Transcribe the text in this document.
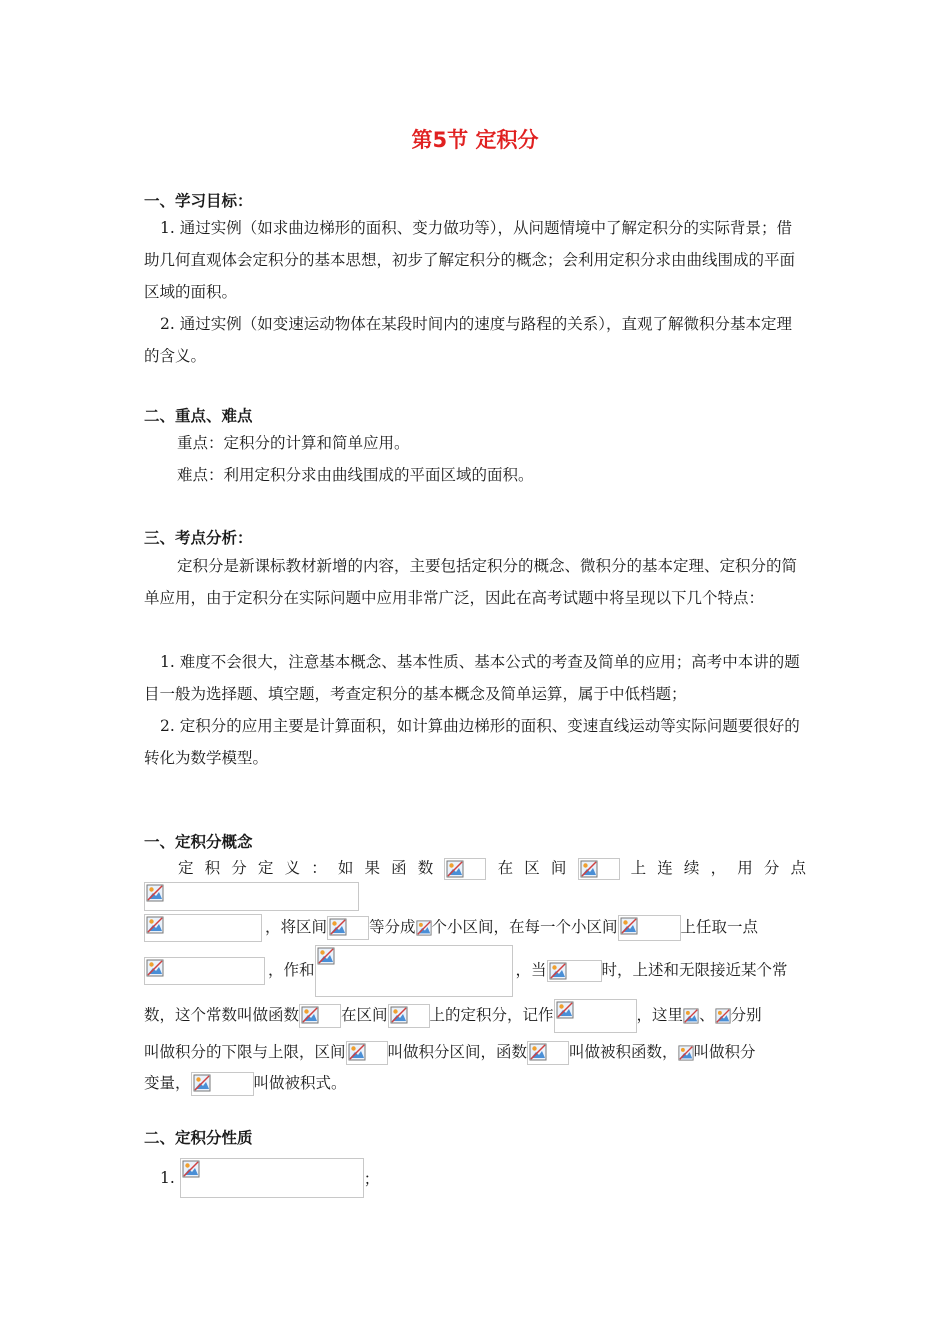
第5节 定积分
一、学习目标：
1. 通过实例（如求曲边梯形的面积、变力做功等），从问题情境中了解定积分的实际背景；借助几何直观体会定积分的基本思想，初步了解定积分的概念；会利用定积分求由曲线围成的平面区域的面积。
2. 通过实例（如变速运动物体在某段时间内的速度与路程的关系），直观了解微积分基本定理的含义。
二、重点、难点
重点：定积分的计算和简单应用。
难点：利用定积分求由曲线围成的平面区域的面积。
三、考点分析：
定积分是新课标教材新增的内容，主要包括定积分的概念、微积分的基本定理、定积分的简单应用，由于定积分在实际问题中应用非常广泛，因此在高考试题中将呈现以下几个特点：
1. 难度不会很大，注意基本概念、基本性质、基本公式的考查及简单的应用；高考中本讲的题目一般为选择题、填空题，考查定积分的基本概念及简单运算，属于中低档题；
2. 定积分的应用主要是计算面积，如计算曲边梯形的面积、变速直线运动等实际问题要很好的转化为数学模型。
一、定积分概念
定积分定义：如果函数	在区间	上连续，用分点
，将区间	等分成 个小区间，在每一个小区间	上任取一点
，作和	，当	时，上述和无限接近某个常
数，这个常数叫做函数	在区间	上的定积分，记作	，这里 、 分别
叫做积分的下限与上限，区间	叫做积分区间，函数	叫做被积函数， 叫做积分
变量，	叫做被积式。
二、定积分性质
1.	；
